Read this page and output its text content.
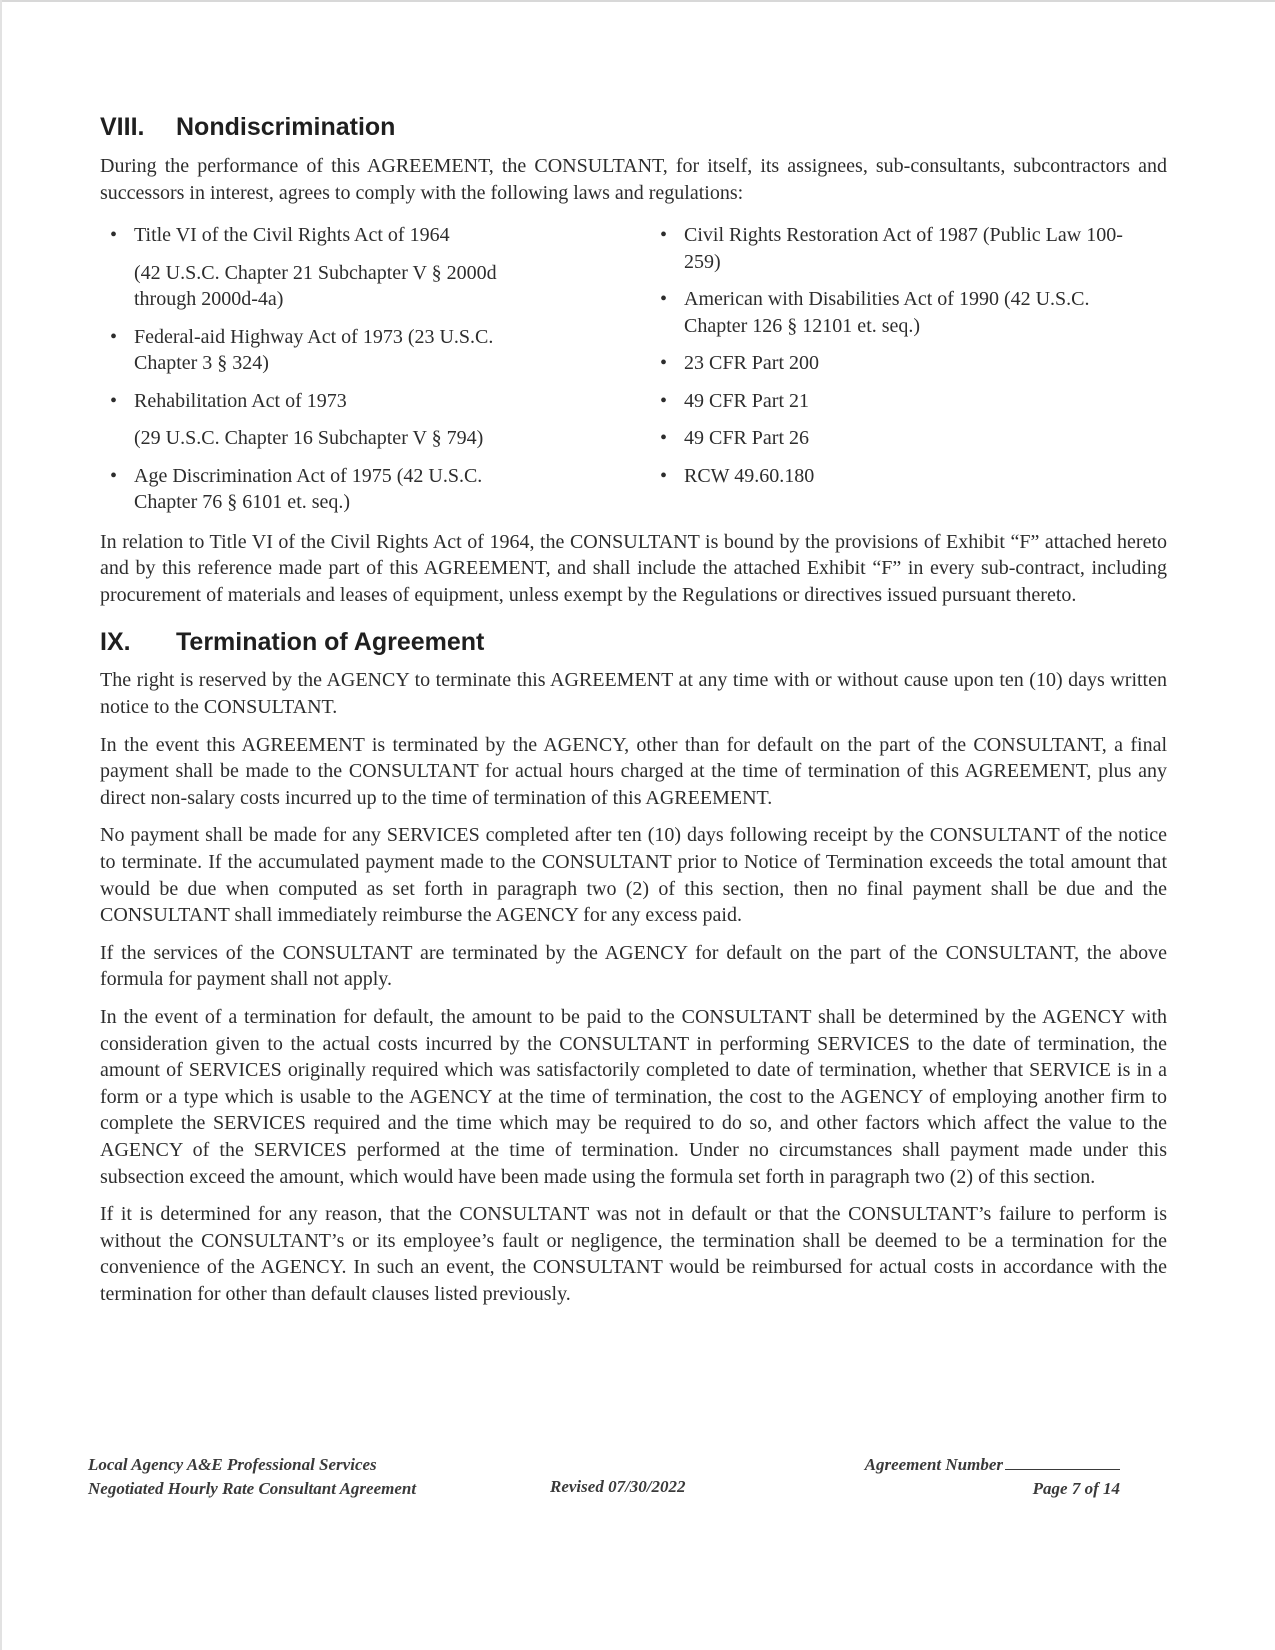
VIII.	Nondiscrimination

During the performance of this AGREEMENT, the CONSULTANT, for itself, its assignees, sub-consultants, subcontractors and successors in interest, agrees to comply with the following laws and regulations:

• Title VI of the Civil Rights Act of 1964
(42 U.S.C. Chapter 21 Subchapter V § 2000d through 2000d-4a)
• Federal-aid Highway Act of 1973 (23 U.S.C. Chapter 3 § 324)
• Rehabilitation Act of 1973
(29 U.S.C. Chapter 16 Subchapter V § 794)
• Age Discrimination Act of 1975 (42 U.S.C. Chapter 76 § 6101 et. seq.)
• Civil Rights Restoration Act of 1987 (Public Law 100-259)
• American with Disabilities Act of 1990 (42 U.S.C. Chapter 126 § 12101 et. seq.)
• 23 CFR Part 200
• 49 CFR Part 21
• 49 CFR Part 26
• RCW 49.60.180

In relation to Title VI of the Civil Rights Act of 1964, the CONSULTANT is bound by the provisions of Exhibit “F” attached hereto and by this reference made part of this AGREEMENT, and shall include the attached Exhibit “F” in every sub-contract, including procurement of materials and leases of equipment, unless exempt by the Regulations or directives issued pursuant thereto.

IX.	Termination of Agreement

The right is reserved by the AGENCY to terminate this AGREEMENT at any time with or without cause upon ten (10) days written notice to the CONSULTANT.

In the event this AGREEMENT is terminated by the AGENCY, other than for default on the part of the CONSULTANT, a final payment shall be made to the CONSULTANT for actual hours charged at the time of termination of this AGREEMENT, plus any direct non-salary costs incurred up to the time of termination of this AGREEMENT.

No payment shall be made for any SERVICES completed after ten (10) days following receipt by the CONSULTANT of the notice to terminate. If the accumulated payment made to the CONSULTANT prior to Notice of Termination exceeds the total amount that would be due when computed as set forth in paragraph two (2) of this section, then no final payment shall be due and the CONSULTANT shall immediately reimburse the AGENCY for any excess paid.

If the services of the CONSULTANT are terminated by the AGENCY for default on the part of the CONSULTANT, the above formula for payment shall not apply.

In the event of a termination for default, the amount to be paid to the CONSULTANT shall be determined by the AGENCY with consideration given to the actual costs incurred by the CONSULTANT in performing SERVICES to the date of termination, the amount of SERVICES originally required which was satisfactorily completed to date of termination, whether that SERVICE is in a form or a type which is usable to the AGENCY at the time of termination, the cost to the AGENCY of employing another firm to complete the SERVICES required and the time which may be required to do so, and other factors which affect the value to the AGENCY of the SERVICES performed at the time of termination. Under no circumstances shall payment made under this subsection exceed the amount, which would have been made using the formula set forth in paragraph two (2) of this section.

If it is determined for any reason, that the CONSULTANT was not in default or that the CONSULTANT’s failure to perform is without the CONSULTANT’s or its employee’s fault or negligence, the termination shall be deemed to be a termination for the convenience of the AGENCY. In such an event, the CONSULTANT would be reimbursed for actual costs in accordance with the termination for other than default clauses listed previously.

Local Agency A&E Professional Services
Negotiated Hourly Rate Consultant Agreement	Revised 07/30/2022
Agreement Number
Page 7 of 14
